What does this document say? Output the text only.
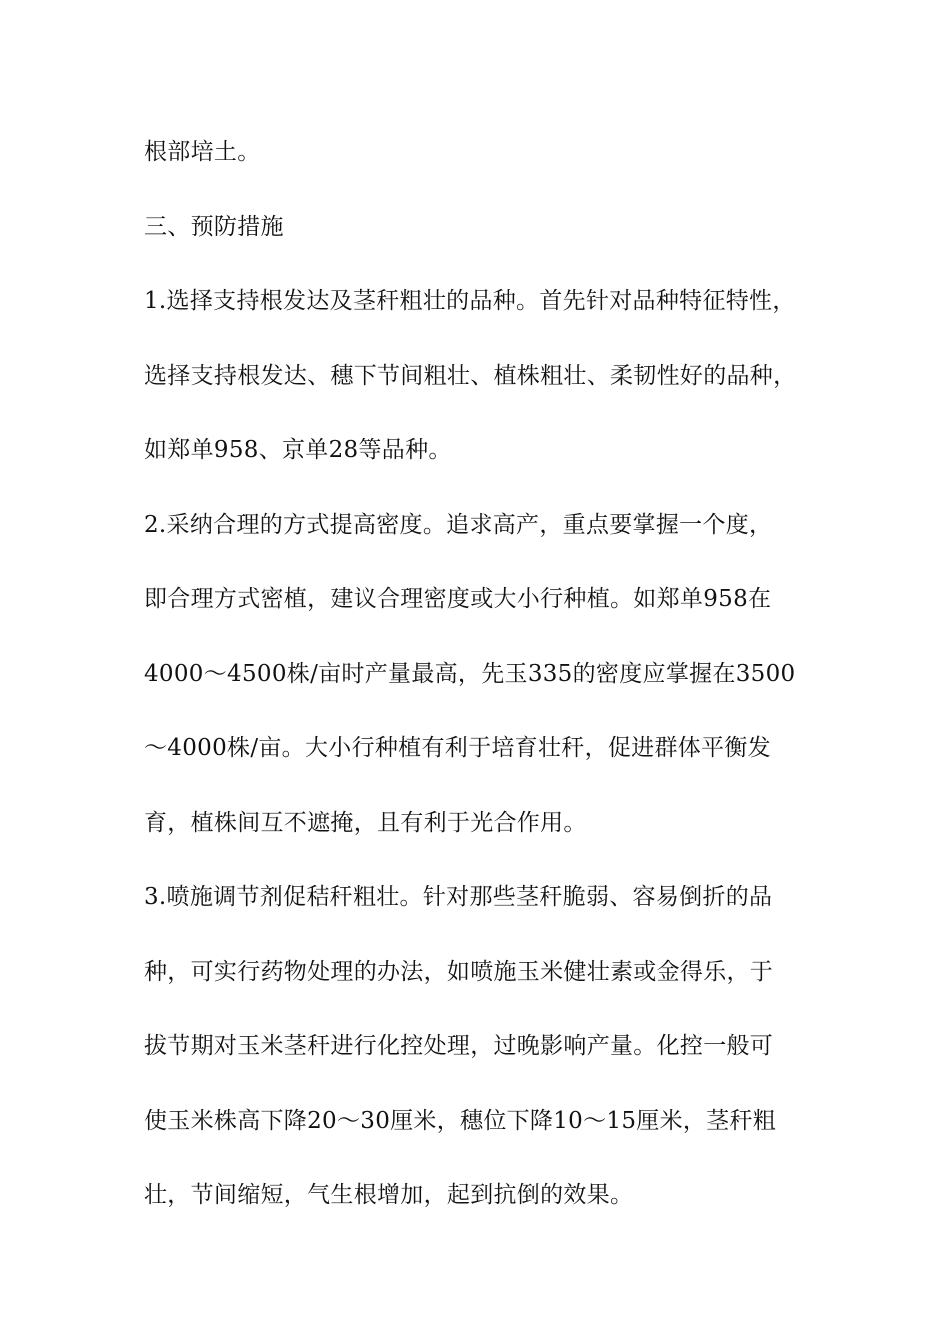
根部培土。
三、预防措施
1.选择支持根发达及茎秆粗壮的品种。首先针对品种特征特性，
选择支持根发达、穗下节间粗壮、植株粗壮、柔韧性好的品种，
如郑单958、京单28等品种。
2.采纳合理的方式提高密度。追求高产，重点要掌握一个度，
即合理方式密植，建议合理密度或大小行种植。如郑单958在
4000～4500株/亩时产量最高，先玉335的密度应掌握在3500
～4000株/亩。大小行种植有利于培育壮秆，促进群体平衡发
育，植株间互不遮掩，且有利于光合作用。
3.喷施调节剂促秸秆粗壮。针对那些茎秆脆弱、容易倒折的品
种，可实行药物处理的办法，如喷施玉米健壮素或金得乐，于
拔节期对玉米茎秆进行化控处理，过晚影响产量。化控一般可
使玉米株高下降20～30厘米，穗位下降10～15厘米，茎秆粗
壮，节间缩短，气生根增加，起到抗倒的效果。
